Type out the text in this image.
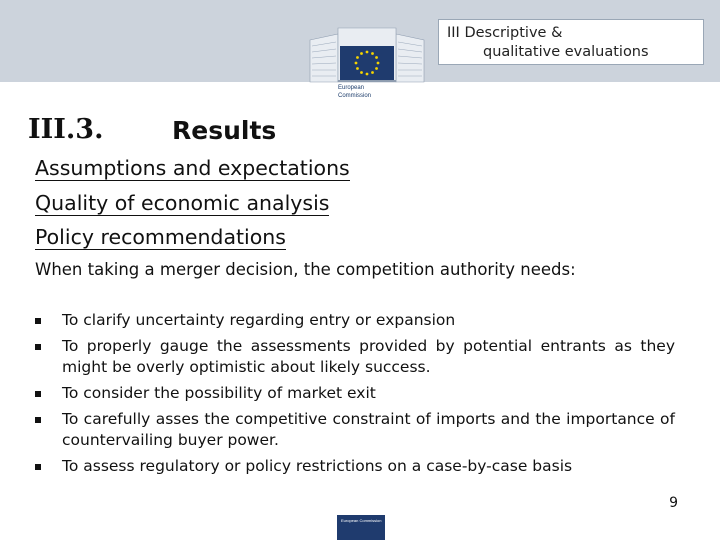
European
Commission
III Descriptive &
qualitative evaluations
III.3.	Results
Assumptions and expectations
Quality of economic analysis
Policy recommendations
When taking a merger decision, the competition authority needs:
To clarify uncertainty regarding entry or expansion
To properly gauge the assessments provided by potential entrants as they might be overly optimistic about likely success.
To consider the possibility of market exit
To carefully asses the competitive constraint of imports and the importance of countervailing buyer power.
To assess regulatory or policy restrictions on a case-by-case basis
9
European Commission
